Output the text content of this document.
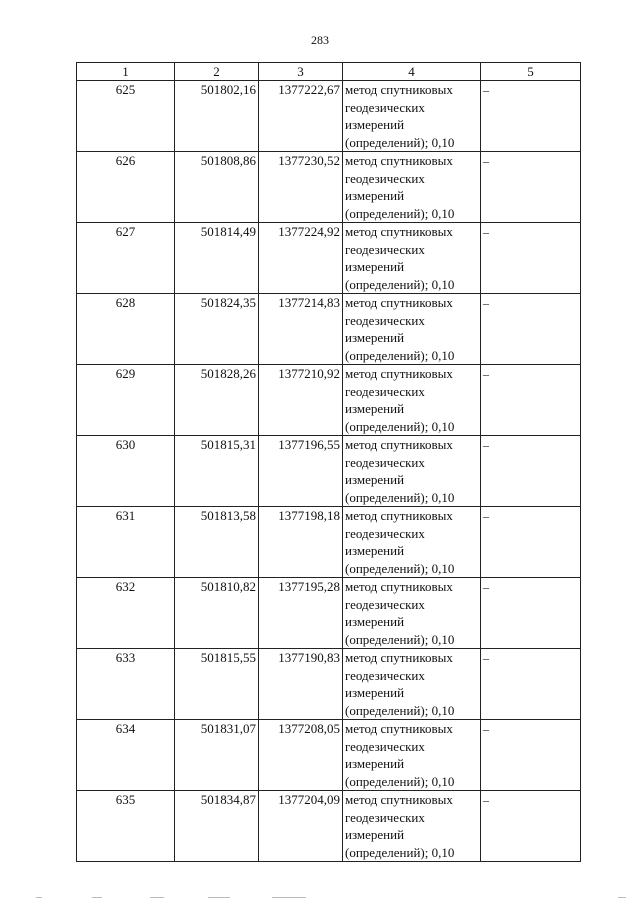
283
1	2	3	4	5
625	501802,16	1377222,67	метод спутниковых
геодезических
измерений
(определений); 0,10	–
626	501808,86	1377230,52	метод спутниковых
геодезических
измерений
(определений); 0,10	–
627	501814,49	1377224,92	метод спутниковых
геодезических
измерений
(определений); 0,10	–
628	501824,35	1377214,83	метод спутниковых
геодезических
измерений
(определений); 0,10	–
629	501828,26	1377210,92	метод спутниковых
геодезических
измерений
(определений); 0,10	–
630	501815,31	1377196,55	метод спутниковых
геодезических
измерений
(определений); 0,10	–
631	501813,58	1377198,18	метод спутниковых
геодезических
измерений
(определений); 0,10	–
632	501810,82	1377195,28	метод спутниковых
геодезических
измерений
(определений); 0,10	–
633	501815,55	1377190,83	метод спутниковых
геодезических
измерений
(определений); 0,10	–
634	501831,07	1377208,05	метод спутниковых
геодезических
измерений
(определений); 0,10	–
635	501834,87	1377204,09	метод спутниковых
геодезических
измерений
(определений); 0,10	–
